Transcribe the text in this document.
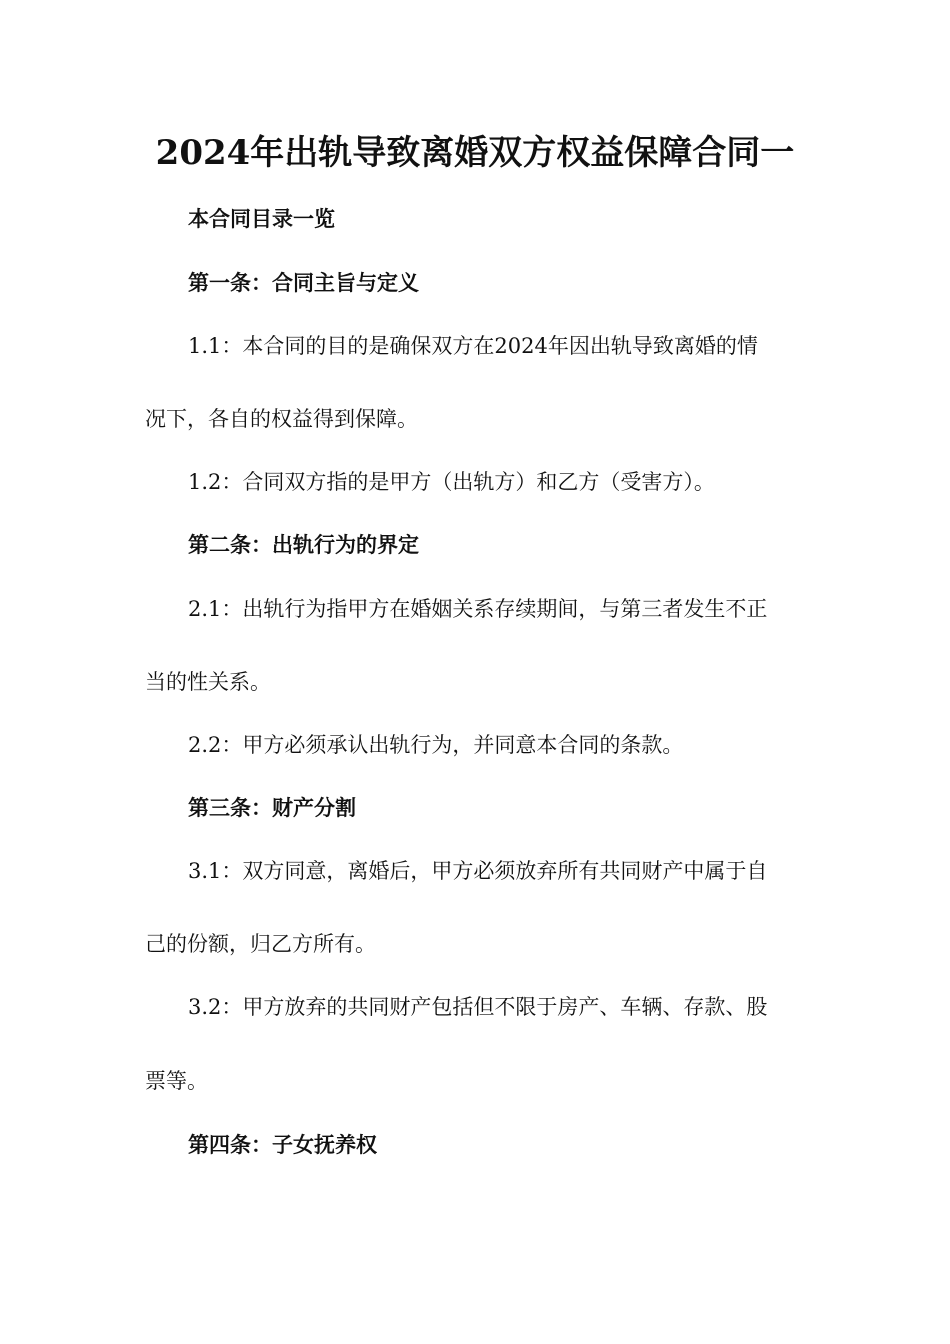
2024年出轨导致离婚双方权益保障合同一

本合同目录一览

第一条：合同主旨与定义

1.1：本合同的目的是确保双方在2024年因出轨导致离婚的情

况下，各自的权益得到保障。

1.2：合同双方指的是甲方（出轨方）和乙方（受害方）。

第二条：出轨行为的界定

2.1：出轨行为指甲方在婚姻关系存续期间，与第三者发生不正

当的性关系。

2.2：甲方必须承认出轨行为，并同意本合同的条款。

第三条：财产分割

3.1：双方同意，离婚后，甲方必须放弃所有共同财产中属于自

己的份额，归乙方所有。

3.2：甲方放弃的共同财产包括但不限于房产、车辆、存款、股

票等。

第四条：子女抚养权
